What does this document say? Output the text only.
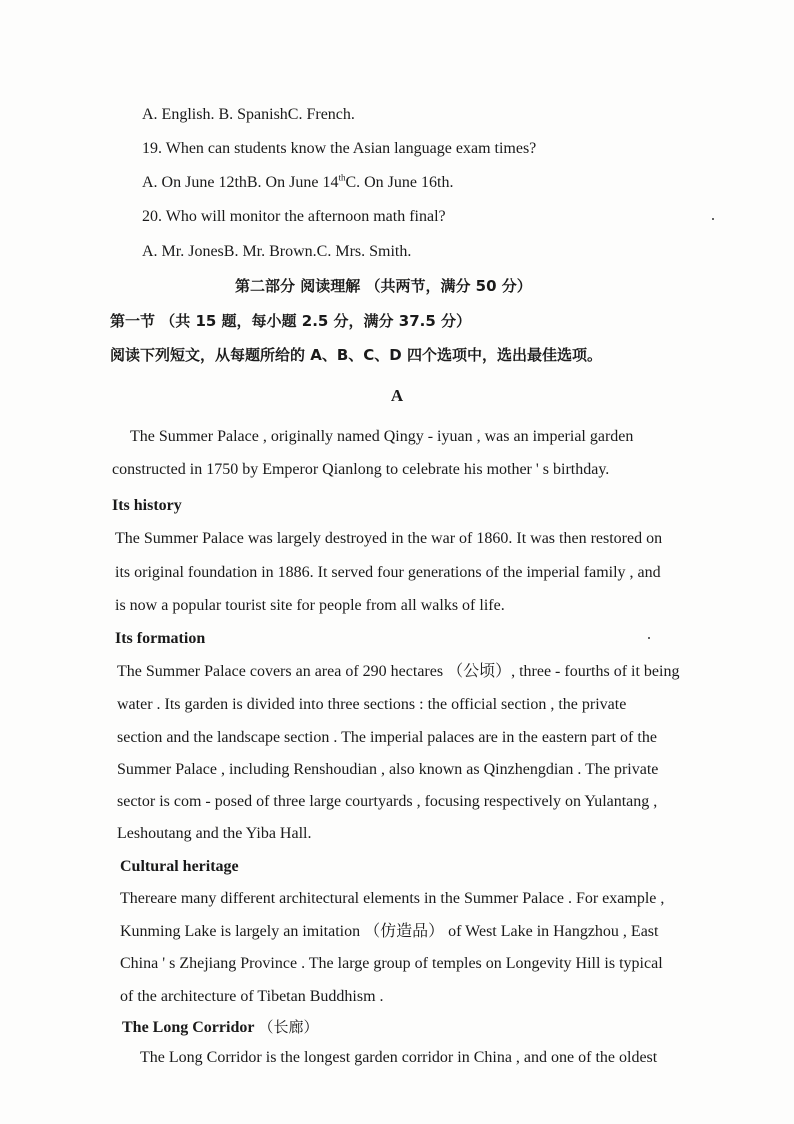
A. English. B. SpanishC. French.
19. When can students know the Asian language exam times?
A. On June 12thB. On June 14thC. On June 16th.
20. Who will monitor the afternoon math final?
A. Mr. JonesB. Mr. Brown.C. Mrs. Smith.
第二部分 阅读理解 （共两节，满分 50 分）
第一节 （共 15 题，每小题 2.5 分，满分 37.5 分）
阅读下列短文，从每题所给的 A、B、C、D 四个选项中，选出最佳选项。
A
The Summer Palace , originally named Qingy - iyuan , was an imperial garden
constructed in 1750 by Emperor Qianlong to celebrate his mother ' s birthday.
Its history
The Summer Palace was largely destroyed in the war of 1860. It was then restored on
its original foundation in 1886. It served four generations of the imperial family , and
is now a popular tourist site for people from all walks of life.
Its formation
The Summer Palace covers an area of 290 hectares （公顷）, three - fourths of it being
water . Its garden is divided into three sections : the official section , the private
section and the landscape section . The imperial palaces are in the eastern part of the
Summer Palace , including Renshoudian , also known as Qinzhengdian . The private
sector is com - posed of three large courtyards , focusing respectively on Yulantang ,
Leshoutang and the Yiba Hall.
Cultural heritage
Thereare many different architectural elements in the Summer Palace . For example ,
Kunming Lake is largely an imitation （仿造品） of West Lake in Hangzhou , East
China ' s Zhejiang Province . The large group of temples on Longevity Hill is typical
of the architecture of Tibetan Buddhism .
The Long Corridor （长廊）
The Long Corridor is the longest garden corridor in China , and one of the oldest
